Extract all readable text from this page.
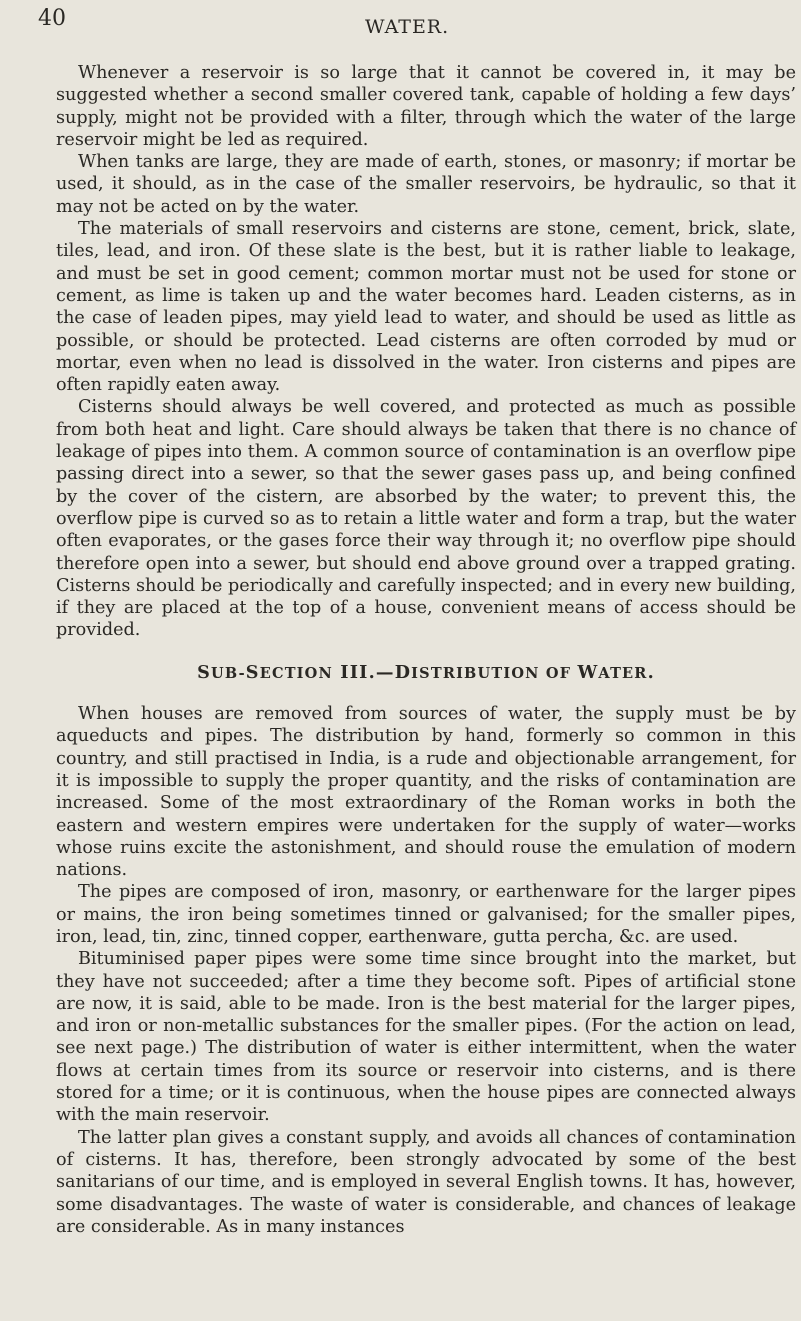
40	WATER.

Whenever a reservoir is so large that it cannot be covered in, it may be suggested whether a second smaller covered tank, capable of holding a few days’ supply, might not be provided with a filter, through which the water of the large reservoir might be led as required.

When tanks are large, they are made of earth, stones, or masonry; if mortar be used, it should, as in the case of the smaller reservoirs, be hydraulic, so that it may not be acted on by the water.

The materials of small reservoirs and cisterns are stone, cement, brick, slate, tiles, lead, and iron. Of these slate is the best, but it is rather liable to leakage, and must be set in good cement; common mortar must not be used for stone or cement, as lime is taken up and the water becomes hard. Leaden cisterns, as in the case of leaden pipes, may yield lead to water, and should be used as little as possible, or should be protected. Lead cisterns are often corroded by mud or mortar, even when no lead is dissolved in the water. Iron cisterns and pipes are often rapidly eaten away.

Cisterns should always be well covered, and protected as much as possible from both heat and light. Care should always be taken that there is no chance of leakage of pipes into them. A common source of contamination is an overflow pipe passing direct into a sewer, so that the sewer gases pass up, and being confined by the cover of the cistern, are absorbed by the water; to prevent this, the overflow pipe is curved so as to retain a little water and form a trap, but the water often evaporates, or the gases force their way through it; no overflow pipe should therefore open into a sewer, but should end above ground over a trapped grating. Cisterns should be periodically and carefully inspected; and in every new building, if they are placed at the top of a house, convenient means of access should be provided.

SUB-SECTION III.—DISTRIBUTION OF WATER.

When houses are removed from sources of water, the supply must be by aqueducts and pipes. The distribution by hand, formerly so common in this country, and still practised in India, is a rude and objectionable arrangement, for it is impossible to supply the proper quantity, and the risks of contamination are increased. Some of the most extraordinary of the Roman works in both the eastern and western empires were undertaken for the supply of water—works whose ruins excite the astonishment, and should rouse the emulation of modern nations.

The pipes are composed of iron, masonry, or earthenware for the larger pipes or mains, the iron being sometimes tinned or galvanised; for the smaller pipes, iron, lead, tin, zinc, tinned copper, earthenware, gutta percha, &c. are used.

Bituminised paper pipes were some time since brought into the market, but they have not succeeded; after a time they become soft. Pipes of artificial stone are now, it is said, able to be made. Iron is the best material for the larger pipes, and iron or non-metallic substances for the smaller pipes. (For the action on lead, see next page.) The distribution of water is either intermittent, when the water flows at certain times from its source or reservoir into cisterns, and is there stored for a time; or it is continuous, when the house pipes are connected always with the main reservoir.

The latter plan gives a constant supply, and avoids all chances of contamination of cisterns. It has, therefore, been strongly advocated by some of the best sanitarians of our time, and is employed in several English towns. It has, however, some disadvantages. The waste of water is considerable, and chances of leakage are considerable. As in many instances
